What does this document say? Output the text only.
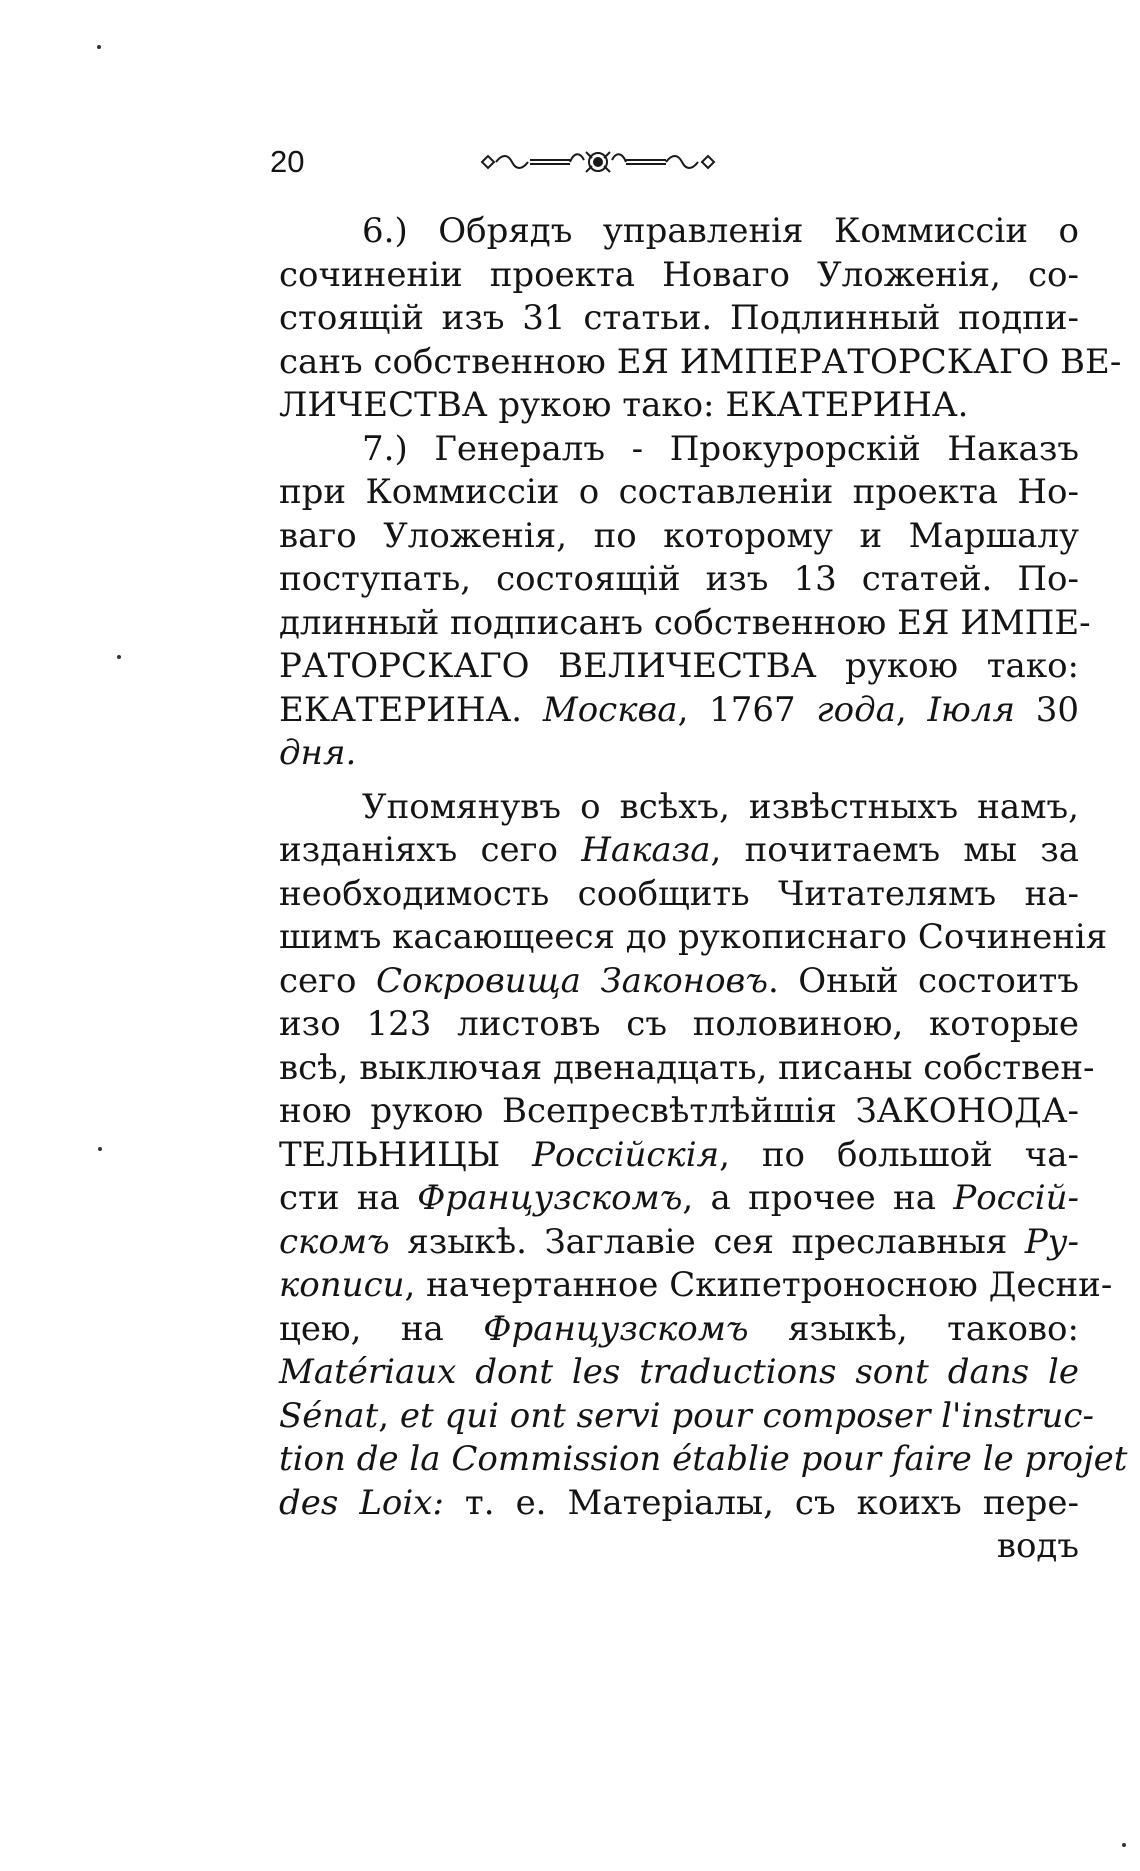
20
6.) Обрядъ управленія Коммиссіи о
сочиненіи проекта Новаго Уложенія, со-
стоящій изъ 31 статьи. Подлинный подпи-
санъ собственною ЕЯ ИМПЕРАТОРСКАГО ВЕ-
ЛИЧЕСТВА рукою тако: ЕКАТЕРИНА.
7.) Генералъ - Прокурорскій Наказъ
при Коммиссіи о составленіи проекта Но-
ваго Уложенія, по которому и Маршалу
поступать, состоящій изъ 13 статей. По-
длинный подписанъ собственною ЕЯ ИМПЕ-
РАТОРСКАГО ВЕЛИЧЕСТВА рукою тако:
ЕКАТЕРИНА. Москва, 1767 года, Іюля 30
дня.
Упомянувъ о всѣхъ, извѣстныхъ намъ,
изданіяхъ сего Наказа, почитаемъ мы за
необходимость сообщить Читателямъ на-
шимъ касающееся до рукописнаго Сочиненія
сего Сокровища Законовъ. Оный состоитъ
изо 123 листовъ съ половиною, которые
всѣ, выключая двенадцать, писаны собствен-
ною рукою Всепресвѣтлѣйшія ЗАКОНОДА-
ТЕЛЬНИЦЫ Россійскія, по большой ча-
сти на Французскомъ, а прочее на Россій-
скомъ языкѣ. Заглавіе сея преславныя Ру-
кописи, начертанное Скипетроносною Десни-
цею, на Французскомъ языкѣ, таково:
Matériaux dont les traductions sont dans le
Sénat, et qui ont servi pour composer l'instruc-
tion de la Commission établie pour faire le projet
des Loix: т. е. Матеріалы, съ коихъ пере-
водъ
